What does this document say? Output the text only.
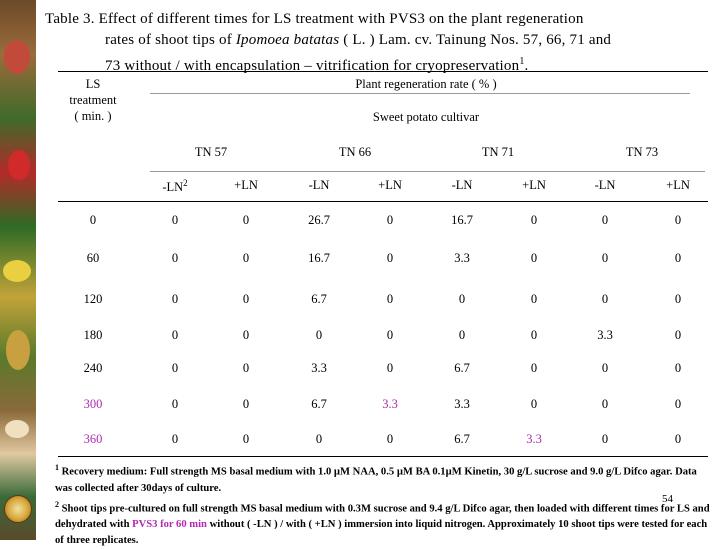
Table 3. Effect of different times for LS treatment with PVS3 on the plant regeneration
rates of shoot tips of Ipomoea batatas ( L. ) Lam. cv. Tainung Nos. 57, 66, 71 and
73 without / with encapsulation – vitrification for cryopreservation$^1$.
LS
treatment
( min. )
Plant regeneration rate ( % )
Sweet potato cultivar
TN 57	TN 66	TN 71	TN 73
$-LN^2$	+LN	-LN	+LN	-LN	+LN	-LN	+LN
0	0	0	26.7	0	16.7	0	0	0
60	0	0	16.7	0	3.3	0	0	0
120	0	0	6.7	0	0	0	0	0
180	0	0	0	0	0	0	3.3	0
240	0	0	3.3	0	6.7	0	0	0
300	0	0	6.7	3.3	3.3	0	0	0
360	0	0	0	0	6.7	3.3	0	0
$^1$ Recovery medium: Full strength MS basal medium with 1.0 µM NAA, 0.5 µM BA 0.1µM Kinetin, 30 g/L sucrose and 9.0 g/L Difco agar. Data was collected after 30days of culture.
$^2$ Shoot tips pre-cultured on full strength MS basal medium with 0.3M sucrose and 9.4 g/L Difco agar, then loaded with different times for LS and dehydrated with PVS3 for 60 min without ( -LN ) / with ( +LN ) immersion into liquid nitrogen. Approximately 10 shoot tips were tested for each of three replicates.
54
